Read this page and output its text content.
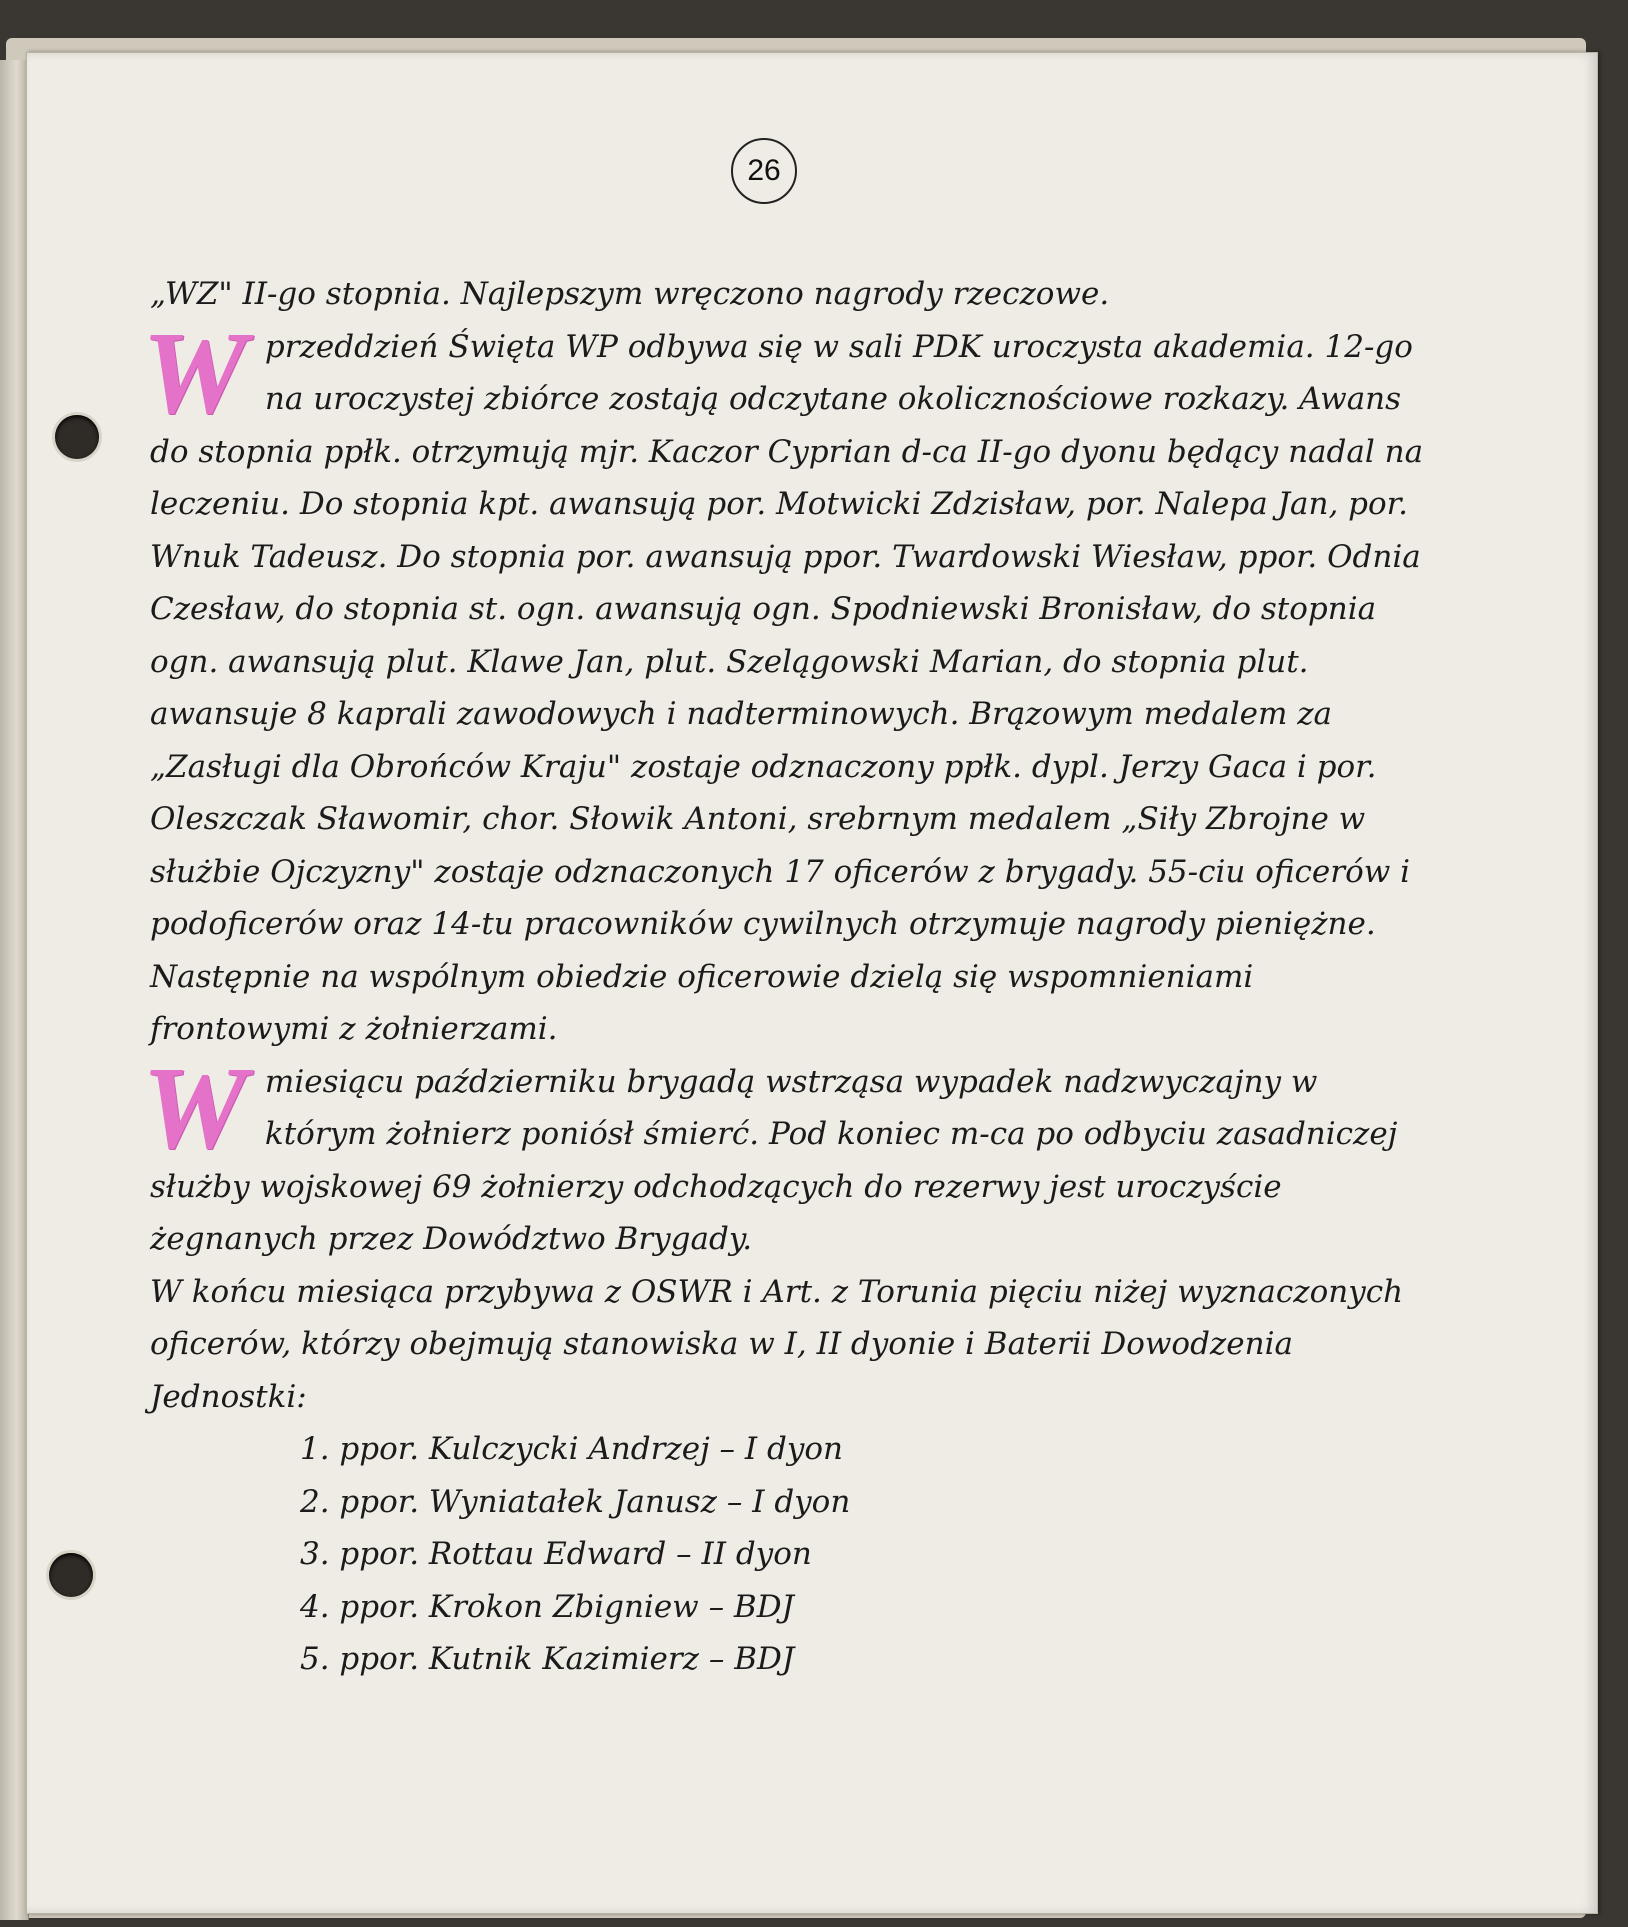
26

„WZ" II-go stopnia. Najlepszym wręczono nagrody rzeczowe.

W przeddzień Święta WP odbywa się w sali PDK uroczysta akademia. 12-go na uroczystej zbiórce zostają odczytane okolicznościowe rozkazy. Awans do stopnia ppłk. otrzymują mjr. Kaczor Cyprian d-ca II-go dyonu będący nadal na leczeniu. Do stopnia kpt. awansują por. Motwicki Zdzisław, por. Nalepa Jan, por. Wnuk Tadeusz. Do stopnia por. awansują ppor. Twardowski Wiesław, ppor. Odnia Czesław, do stopnia st. ogn. awansują ogn. Spodniewski Bronisław, do stopnia ogn. awansują plut. Klawe Jan, plut. Szelągowski Marian, do stopnia plut. awansuje 8 kaprali zawodowych i nadterminowych. Brązowym medalem za „Zasługi dla Obrońców Kraju" zostaje odznaczony ppłk. dypl. Jerzy Gaca i por. Oleszczak Sławomir, chor. Słowik Antoni, srebrnym medalem „Siły Zbrojne w służbie Ojczyzny" zostaje odznaczonych 17 oficerów z brygady. 55-ciu oficerów i podoficerów oraz 14-tu pracowników cywilnych otrzymuje nagrody pieniężne. Następnie na wspólnym obiedzie oficerowie dzielą się wspomnieniami frontowymi z żołnierzami.

W miesiącu październiku brygadą wstrząsa wypadek nadzwyczajny w którym żołnierz poniósł śmierć. Pod koniec m-ca po odbyciu zasadniczej służby wojskowej 69 żołnierzy odchodzących do rezerwy jest uroczyście żegnanych przez Dowództwo Brygady.

W końcu miesiąca przybywa z OSWR i Art. z Torunia pięciu niżej wyznaczonych oficerów, którzy obejmują stanowiska w I, II dyonie i Baterii Dowodzenia Jednostki:

1. ppor. Kulczycki Andrzej – I dyon
2. ppor. Wyniatałek Janusz – I dyon
3. ppor. Rottau Edward – II dyon
4. ppor. Krokon Zbigniew – BDJ
5. ppor. Kutnik Kazimierz – BDJ
